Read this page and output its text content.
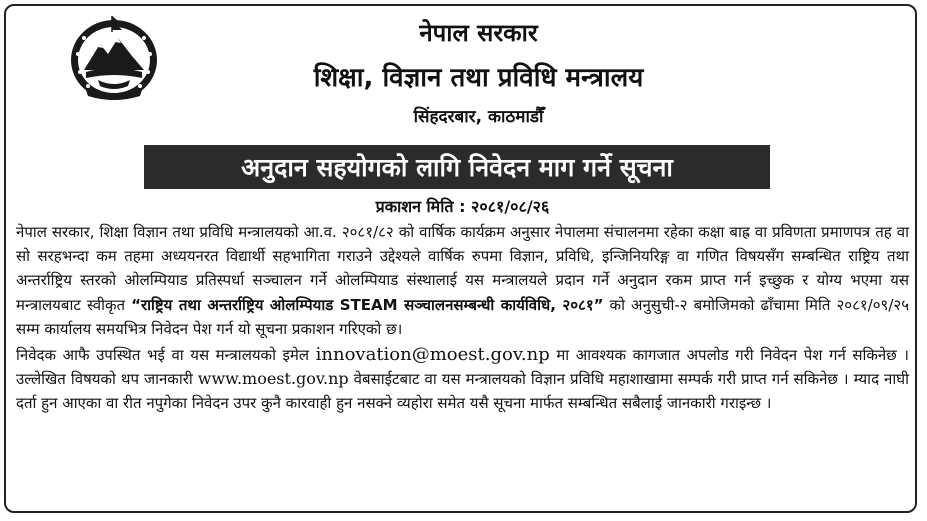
नेपाल सरकार
शिक्षा, विज्ञान तथा प्रविधि मन्त्रालय
सिंहदरबार, काठमाडौँ
अनुदान सहयोगको लागि निवेदन माग गर्ने सूचना
प्रकाशन मिति : २०८१/०८/२६

नेपाल सरकार, शिक्षा विज्ञान तथा प्रविधि मन्त्रालयको आ.व. २०८१/८२ को वार्षिक कार्यक्रम अनुसार नेपालमा संचालनमा रहेका कक्षा बाह्र वा प्रविणता प्रमाणपत्र तह वा सो सरहभन्दा कम तहमा अध्ययनरत विद्यार्थी सहभागिता गराउने उद्देश्यले वार्षिक रुपमा विज्ञान, प्रविधि, इन्जिनियरिङ्ग वा गणित विषयसँग सम्बन्धित राष्ट्रिय तथा अन्तर्राष्ट्रिय स्तरको ओलम्पियाड प्रतिस्पर्धा सञ्चालन गर्ने ओलम्पियाड संस्थालाई यस मन्त्रालयले प्रदान गर्ने अनुदान रकम प्राप्त गर्न इच्छुक र योग्य भएमा यस मन्त्रालयबाट स्वीकृत “राष्ट्रिय तथा अन्तर्राष्ट्रिय ओलम्पियाड STEAM सञ्चालनसम्बन्धी कार्यविधि, २०८१” को अनुसुची-२ बमोजिमको ढाँचामा मिति २०८१/०९/२५ सम्म कार्यालय समयभित्र निवेदन पेश गर्न यो सूचना प्रकाशन गरिएको छ।

निवेदक आफै उपस्थित भई वा यस मन्त्रालयको इमेल innovation@moest.gov.np मा आवश्यक कागजात अपलोड गरी निवेदन पेश गर्न सकिनेछ । उल्लेखित विषयको थप जानकारी www.moest.gov.np वेबसाईटबाट वा यस मन्त्रालयको विज्ञान प्रविधि महाशाखामा सम्पर्क गरी प्राप्त गर्न सकिनेछ । म्याद नाघी दर्ता हुन आएका वा रीत नपुगेका निवेदन उपर कुनै कारवाही हुन नसक्ने व्यहोरा समेत यसै सूचना मार्फत सम्बन्धित सबैलाई जानकारी गराइन्छ ।
